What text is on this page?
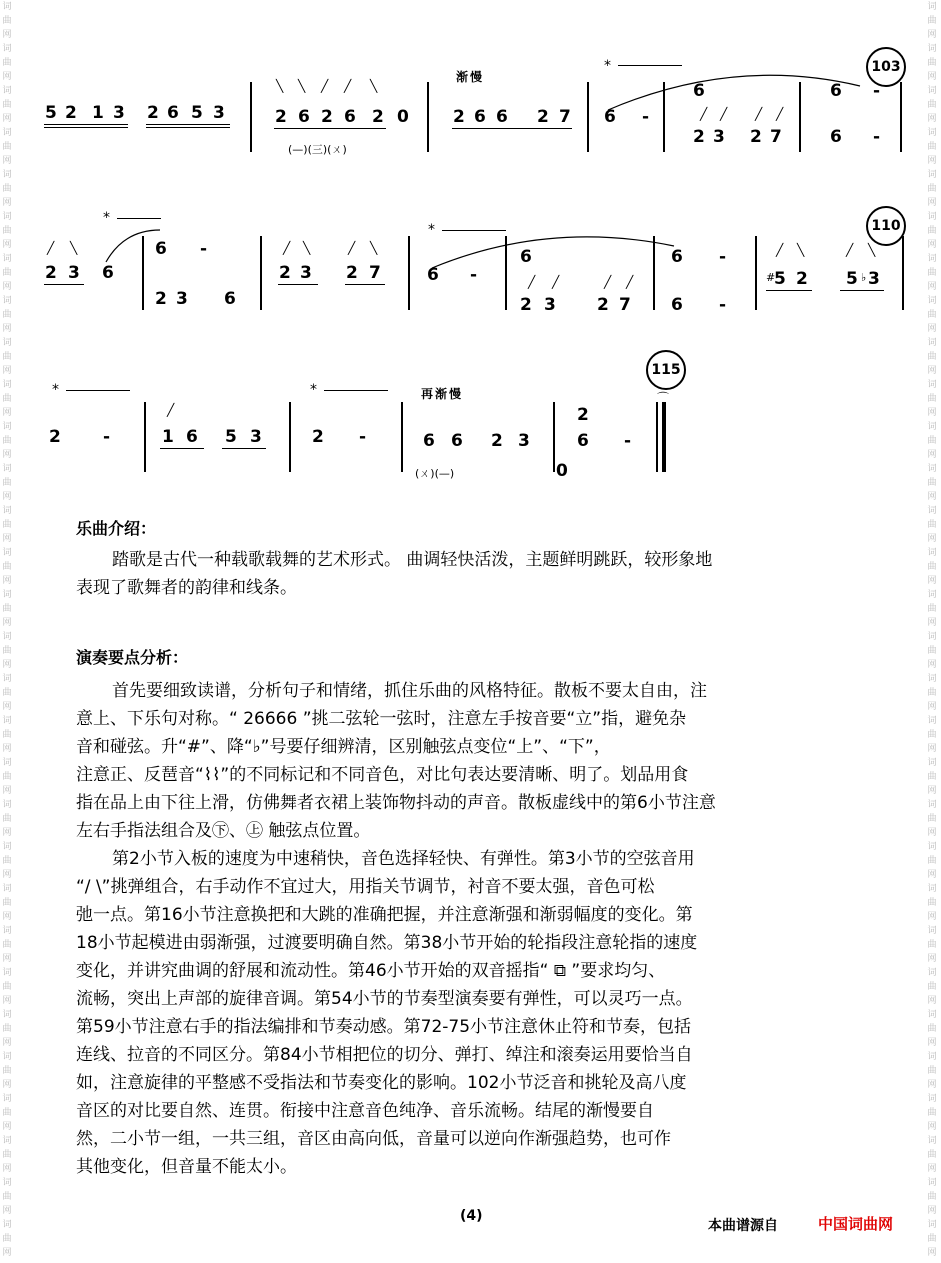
词
曲
网
词
曲
网
词
曲
网
词
曲
网
词
曲
网
词
曲
网
词
曲
网
词
曲
网
词
曲
网
词
曲
网
词
曲
网
词
曲
网
词
曲
网
词
曲
网
词
曲
网
词
曲
网
词
曲
网
词
曲
网
词
曲
网
词
曲
网
词
曲
网
词
曲
网
词
曲
网
词
曲
网
词
曲
网
词
曲
网
词
曲
网
词
曲
网
词
曲
网
词
曲
网
词
曲
网
词
曲
网
词
曲
网
词
曲
网
词
曲
网
词
曲
网
词
曲
网
词
曲
网
词
曲
网
词
曲
网
词
曲
网
词
曲
网
词
曲
网
词
曲
网
词
曲
网
词
曲
网
词
曲
网
词
曲
网
词
曲
网
词
曲
网
词
曲
网
词
曲
网
词
曲
网
词
曲
网
词
曲
网
词
曲
网
词
曲
网
词
曲
网
词
曲
网
词
曲
网
5 2 1 3 2 6 5 3
╲ ╲ ╱ ╱ ╲
2 6 2 6 2 0
(—)(三)(ㄨ)
渐慢
2 6 6 2 7
*
6 -
6
2 3 2 7
╱ ╱ ╱ ╱
6
6
-
-
103
*
╱ ╲
2 3 6
6 -
2 3 6
╱ ╲	╱ ╲
2 3 2 7
*
6 -
6
2 3 2 7
╱ ╱	╱ ╱
6
6
-
-
╱ ╲	╱ ╲
#
5 2 5 ♭ 3
110
*
2 -
╱
1 6 5 3
*
2 -
再渐慢
6 6 2 3
(ㄨ)(—)	0
2
6 -
⌒
115
乐曲介绍：
踏歌是古代一种载歌载舞的艺术形式。 曲调轻快活泼，主题鲜明跳跃，较形象地
表现了歌舞者的韵律和线条。
演奏要点分析：
首先要细致读谱，分析句子和情绪，抓住乐曲的风格特征。散板不要太自由，注
意上、下乐句对称。“ 26666 ”挑二弦轮一弦时，注意左手按音要“立”指，避免杂
音和碰弦。升“#”、降“♭”号要仔细辨清，区别触弦点变位“上”、“下”，
注意正、反琶音“⌇⌇”的不同标记和不同音色，对比句表达要清晰、明了。划品用食
指在品上由下往上滑，仿佛舞者衣裙上装饰物抖动的声音。散板虚线中的第6小节注意
左右手指法组合及㊦、㊤ 触弦点位置。
第2小节入板的速度为中速稍快，音色选择轻快、有弹性。第3小节的空弦音用
“/ \”挑弹组合，右手动作不宜过大，用指关节调节，衬音不要太强，音色可松
弛一点。第16小节注意换把和大跳的准确把握，并注意渐强和渐弱幅度的变化。第
18小节起模进由弱渐强，过渡要明确自然。第38小节开始的轮指段注意轮指的速度
变化，并讲究曲调的舒展和流动性。第46小节开始的双音摇指“ ⧉ ”要求均匀、
流畅，突出上声部的旋律音调。第54小节的节奏型演奏要有弹性，可以灵巧一点。
第59小节注意右手的指法编排和节奏动感。第72-75小节注意休止符和节奏，包括
连线、拉音的不同区分。第84小节相把位的切分、弹打、绰注和滚奏运用要恰当自
如，注意旋律的平整感不受指法和节奏变化的影响。102小节泛音和挑轮及高八度
音区的对比要自然、连贯。衔接中注意音色纯净、音乐流畅。结尾的渐慢要自
然，二小节一组，一共三组，音区由高向低，音量可以逆向作渐强趋势，也可作
其他变化，但音量不能太小。
(4)
本曲谱源自	中国词曲网
